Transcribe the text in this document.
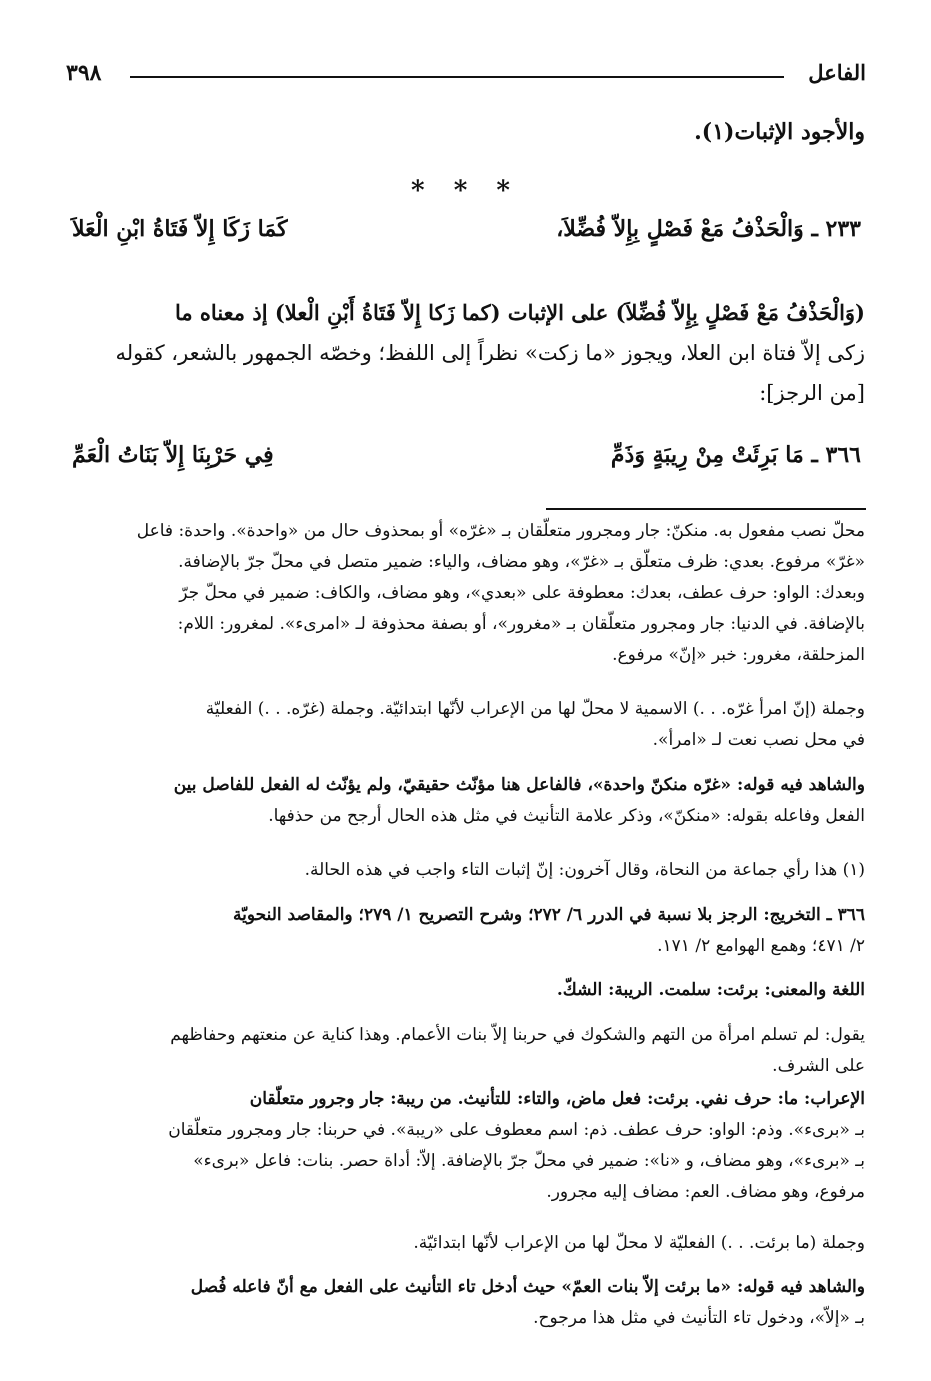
٣٩٨	الفاعل
والأجود الإثبات(١).
* * *
٢٣٣ ـ وَالْحَذْفُ مَعْ فَصْلٍ بِإِلاّ فُضِّلاَ،
كَمَا زَكَا إِلاّ فَتَاةُ ابْنِ الْعَلاَ
(وَالْحَذْفُ مَعْ فَصْلٍ بِإِلاّ فُضِّلاَ) على الإثبات (كما زَكا إِلاّ فَتَاةُ أَبْنِ الْعلا) إذ معناه ما
زكى إلاّ فتاة ابن العلا، ويجوز «ما زكت» نظراً إلى اللفظ؛ وخصّه الجمهور بالشعر، كقوله
[من الرجز]:
٣٦٦ ـ مَا بَرِئَتْ مِنْ رِيبَةٍ وَذَمِّ
فِي حَرْبِنَا إِلاّ بَنَاتُ الْعَمِّ
محلّ نصب مفعول به. منكنّ: جار ومجرور متعلّقان بـ «غرّه» أو بمحذوف حال من «واحدة». واحدة: فاعل
«غرّ» مرفوع. بعدي: ظرف متعلّق بـ «غرّ»، وهو مضاف، والياء: ضمير متصل في محلّ جرّ بالإضافة.
وبعدك: الواو: حرف عطف، بعدك: معطوفة على «بعدي»، وهو مضاف، والكاف: ضمير في محلّ جرّ
بالإضافة. في الدنيا: جار ومجرور متعلّقان بـ «مغرور»، أو بصفة محذوفة لـ «امرىء». لمغرور: اللام:
المزحلقة، مغرور: خبر «إنّ» مرفوع.
وجملة (إنّ امرأ غرّه. . .) الاسمية لا محلّ لها من الإعراب لأنّها ابتدائيّة. وجملة (غرّه. . .) الفعليّة
في محل نصب نعت لـ «امرأ».
والشاهد فيه قوله: «غرّه منكنّ واحدة»، فالفاعل هنا مؤنّث حقيقيّ، ولم يؤنّث له الفعل للفاصل بين
الفعل وفاعله بقوله: «منكنّ»، وذكر علامة التأنيث في مثل هذه الحال أرجح من حذفها.
(١) هذا رأي جماعة من النحاة، وقال آخرون: إنّ إثبات التاء واجب في هذه الحالة.
٣٦٦ ـ التخريج: الرجز بلا نسبة في الدرر ٦/ ٢٧٢؛ وشرح التصريح ١/ ٢٧٩؛ والمقاصد النحويّة
٢/ ٤٧١؛ وهمع الهوامع ٢/ ١٧١.
اللغة والمعنى: برئت: سلمت. الريبة: الشكّ.
يقول: لم تسلم امرأة من التهم والشكوك في حربنا إلاّ بنات الأعمام. وهذا كناية عن منعتهم وحفاظهم
على الشرف.
الإعراب: ما: حرف نفي. برئت: فعل ماض، والتاء: للتأنيث. من ريبة: جار وجرور متعلّقان
بـ «برىء». وذم: الواو: حرف عطف. ذم: اسم معطوف على «ريبة». في حربنا: جار ومجرور متعلّقان
بـ «برىء»، وهو مضاف، و «نا»: ضمير في محلّ جرّ بالإضافة. إلاّ: أداة حصر. بنات: فاعل «برىء»
مرفوع، وهو مضاف. العم: مضاف إليه مجرور.
وجملة (ما برئت. . .) الفعليّة لا محلّ لها من الإعراب لأنّها ابتدائيّة.
والشاهد فيه قوله: «ما برئت إلاّ بنات العمّ» حيث أدخل تاء التأنيث على الفعل مع أنّ فاعله فُصل
بـ «إلاّ»، ودخول تاء التأنيث في مثل هذا مرجوح.
